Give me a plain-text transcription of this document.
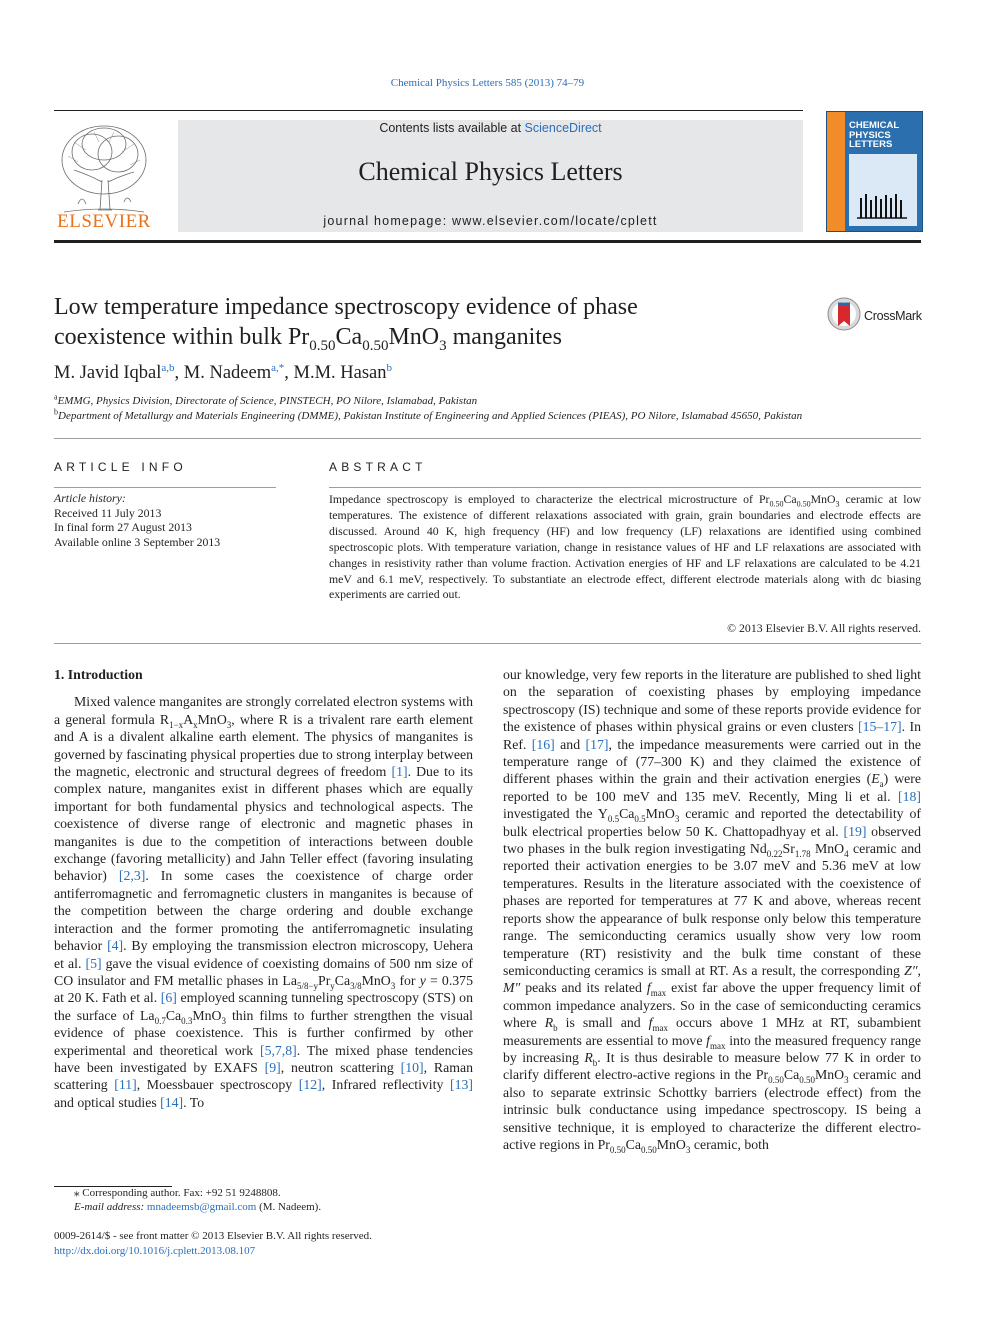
Chemical Physics Letters 585 (2013) 74–79
ELSEVIER
Contents lists available at ScienceDirect
Chemical Physics Letters
journal homepage: www.elsevier.com/locate/cplett
CHEMICAL
PHYSICS
LETTERS
Low temperature impedance spectroscopy evidence of phase
coexistence within bulk $Pr_{0.50}Ca_{0.50}MnO_3$ manganites
CrossMark
M. Javid Iqbal$^{a,b}$, M. Nadeem$^{a,*}$, M.M. Hasan$^b$
$^a$EMMG, Physics Division, Directorate of Science, PINSTECH, PO Nilore, Islamabad, Pakistan
$^b$Department of Metallurgy and Materials Engineering (DMME), Pakistan Institute of Engineering and Applied Sciences (PIEAS), PO Nilore, Islamabad 45650, Pakistan
ARTICLE INFO
Article history:
Received 11 July 2013
In final form 27 August 2013
Available online 3 September 2013
ABSTRACT
Impedance spectroscopy is employed to characterize the electrical microstructure of $Pr_{0.50}Ca_{0.50}MnO_3$ ceramic at low temperatures. The existence of different relaxations associated with grain, grain boundaries and electrode effects are discussed. Around 40 K, high frequency (HF) and low frequency (LF) relaxations are identified using combined spectroscopic plots. With temperature variation, change in resistance values of HF and LF relaxations are associated with changes in resistivity rather than volume fraction. Activation energies of HF and LF relaxations are calculated to be 4.21 meV and 6.1 meV, respectively. To substantiate an electrode effect, different electrode materials along with dc biasing experiments are carried out.
© 2013 Elsevier B.V. All rights reserved.

1. Introduction

Mixed valence manganites are strongly correlated electron systems with a general formula $R_{1-x}A_xMnO_3$, where R is a trivalent rare earth element and A is a divalent alkaline earth element. The physics of manganites is governed by fascinating physical properties due to strong interplay between the magnetic, electronic and structural degrees of freedom [1]. Due to its complex nature, manganites exist in different phases which are equally important for both fundamental physics and technological aspects. The coexistence of diverse range of electronic and magnetic phases in manganites is due to the competition of interactions between double exchange (favoring metallicity) and Jahn Teller effect (favoring insulating behavior) [2,3]. In some cases the coexistence of charge order antiferromagnetic and ferromagnetic clusters in manganites is because of the competition between the charge ordering and double exchange interaction and the former promoting the antiferromagnetic insulating behavior [4]. By employing the transmission electron microscopy, Uehera et al. [5] gave the visual evidence of coexisting domains of 500 nm size of CO insulator and FM metallic phases in $La_{5/8-y}Pr_yCa_{3/8}MnO_3$ for y = 0.375 at 20 K. Fath et al. [6] employed scanning tunneling spectroscopy (STS) on the surface of $La_{0.7}Ca_{0.3}MnO_3$ thin films to further strengthen the visual evidence of phase coexistence. This is further confirmed by other experimental and theoretical work [5,7,8]. The mixed phase tendencies have been investigated by EXAFS [9], neutron scattering [10], Raman scattering [11], Moessbauer spectroscopy [12], Infrared reflectivity [13] and optical studies [14]. To

our knowledge, very few reports in the literature are published to shed light on the separation of coexisting phases by employing impedance spectroscopy (IS) technique and some of these reports provide evidence for the existence of phases within physical grains or even clusters [15–17]. In Ref. [16] and [17], the impedance measurements were carried out in the temperature range of (77–300 K) and they claimed the existence of different phases within the grain and their activation energies $(E_a)$ were reported to be 100 meV and 135 meV. Recently, Ming li et al. [18] investigated the $Y_{0.5}Ca_{0.5}MnO_3$ ceramic and reported the detectability of bulk electrical properties below 50 K. Chattopadhyay et al. [19] observed two phases in the bulk region investigating $Nd_{0.22}Sr_{1.78}$ MnO$_4$ ceramic and reported their activation energies to be 3.07 meV and 5.36 meV at low temperatures. Results in the literature associated with the coexistence of phases are reported for temperatures at 77 K and above, whereas recent reports show the appearance of bulk response only below this temperature range. The semiconducting ceramics usually show very low room temperature (RT) resistivity and the bulk time constant of these semiconducting ceramics is small at RT. As a result, the corresponding Z″, M″ peaks and its related $f_{max}$ exist far above the upper frequency limit of common impedance analyzers. So in the case of semiconducting ceramics where $R_b$ is small and $f_{max}$ occurs above 1 MHz at RT, subambient measurements are essential to move $f_{max}$ into the measured frequency range by increasing $R_b$. It is thus desirable to measure below 77 K in order to clarify different electro-active regions in the $Pr_{0.50}Ca_{0.50}MnO_3$ ceramic and also to separate extrinsic Schottky barriers (electrode effect) from the intrinsic bulk conductance using impedance spectroscopy. IS being a sensitive technique, it is employed to characterize the different electro-active regions in $Pr_{0.50}Ca_{0.50}MnO_3$ ceramic, both

⁎ Corresponding author. Fax: +92 51 9248808.
E-mail address: mnadeemsb@gmail.com (M. Nadeem).
0009-2614/$ - see front matter © 2013 Elsevier B.V. All rights reserved.
http://dx.doi.org/10.1016/j.cplett.2013.08.107
